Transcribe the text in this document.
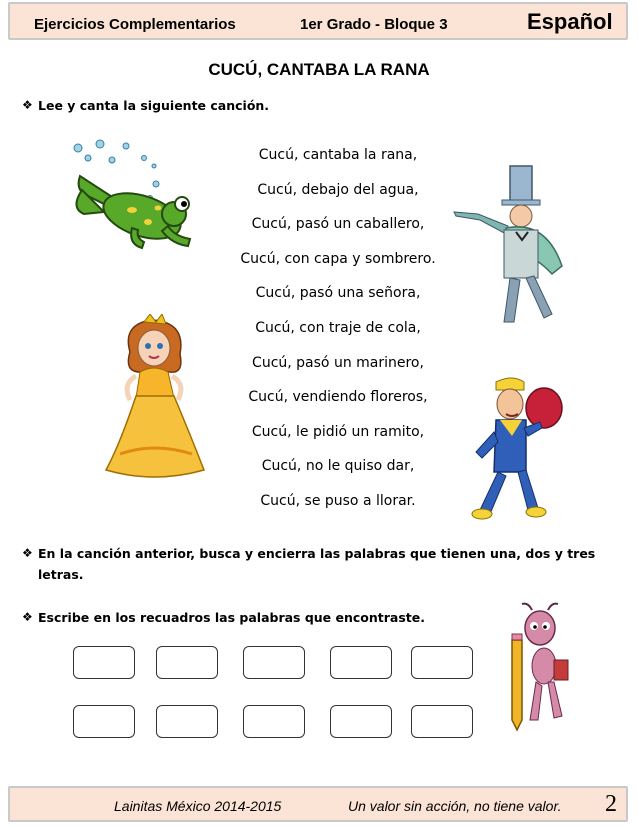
Ejercicios Complementarios	1er Grado - Bloque 3	Español
CUCÚ, CANTABA LA RANA
❖ Lee y canta la siguiente canción.
Cucú, cantaba la rana,
Cucú, debajo del agua,
Cucú, pasó un caballero,
Cucú, con capa y sombrero.
Cucú, pasó una señora,
Cucú, con traje de cola,
Cucú, pasó un marinero,
Cucú, vendiendo floreros,
Cucú, le pidió un ramito,
Cucú, no le quiso dar,
Cucú, se puso a llorar.
❖ En la canción anterior, busca y encierra las palabras que tienen una, dos y tres letras.
❖ Escribe en los recuadros las palabras que encontraste.
Lainitas México 2014-2015	Un valor sin acción, no tiene valor. 2
